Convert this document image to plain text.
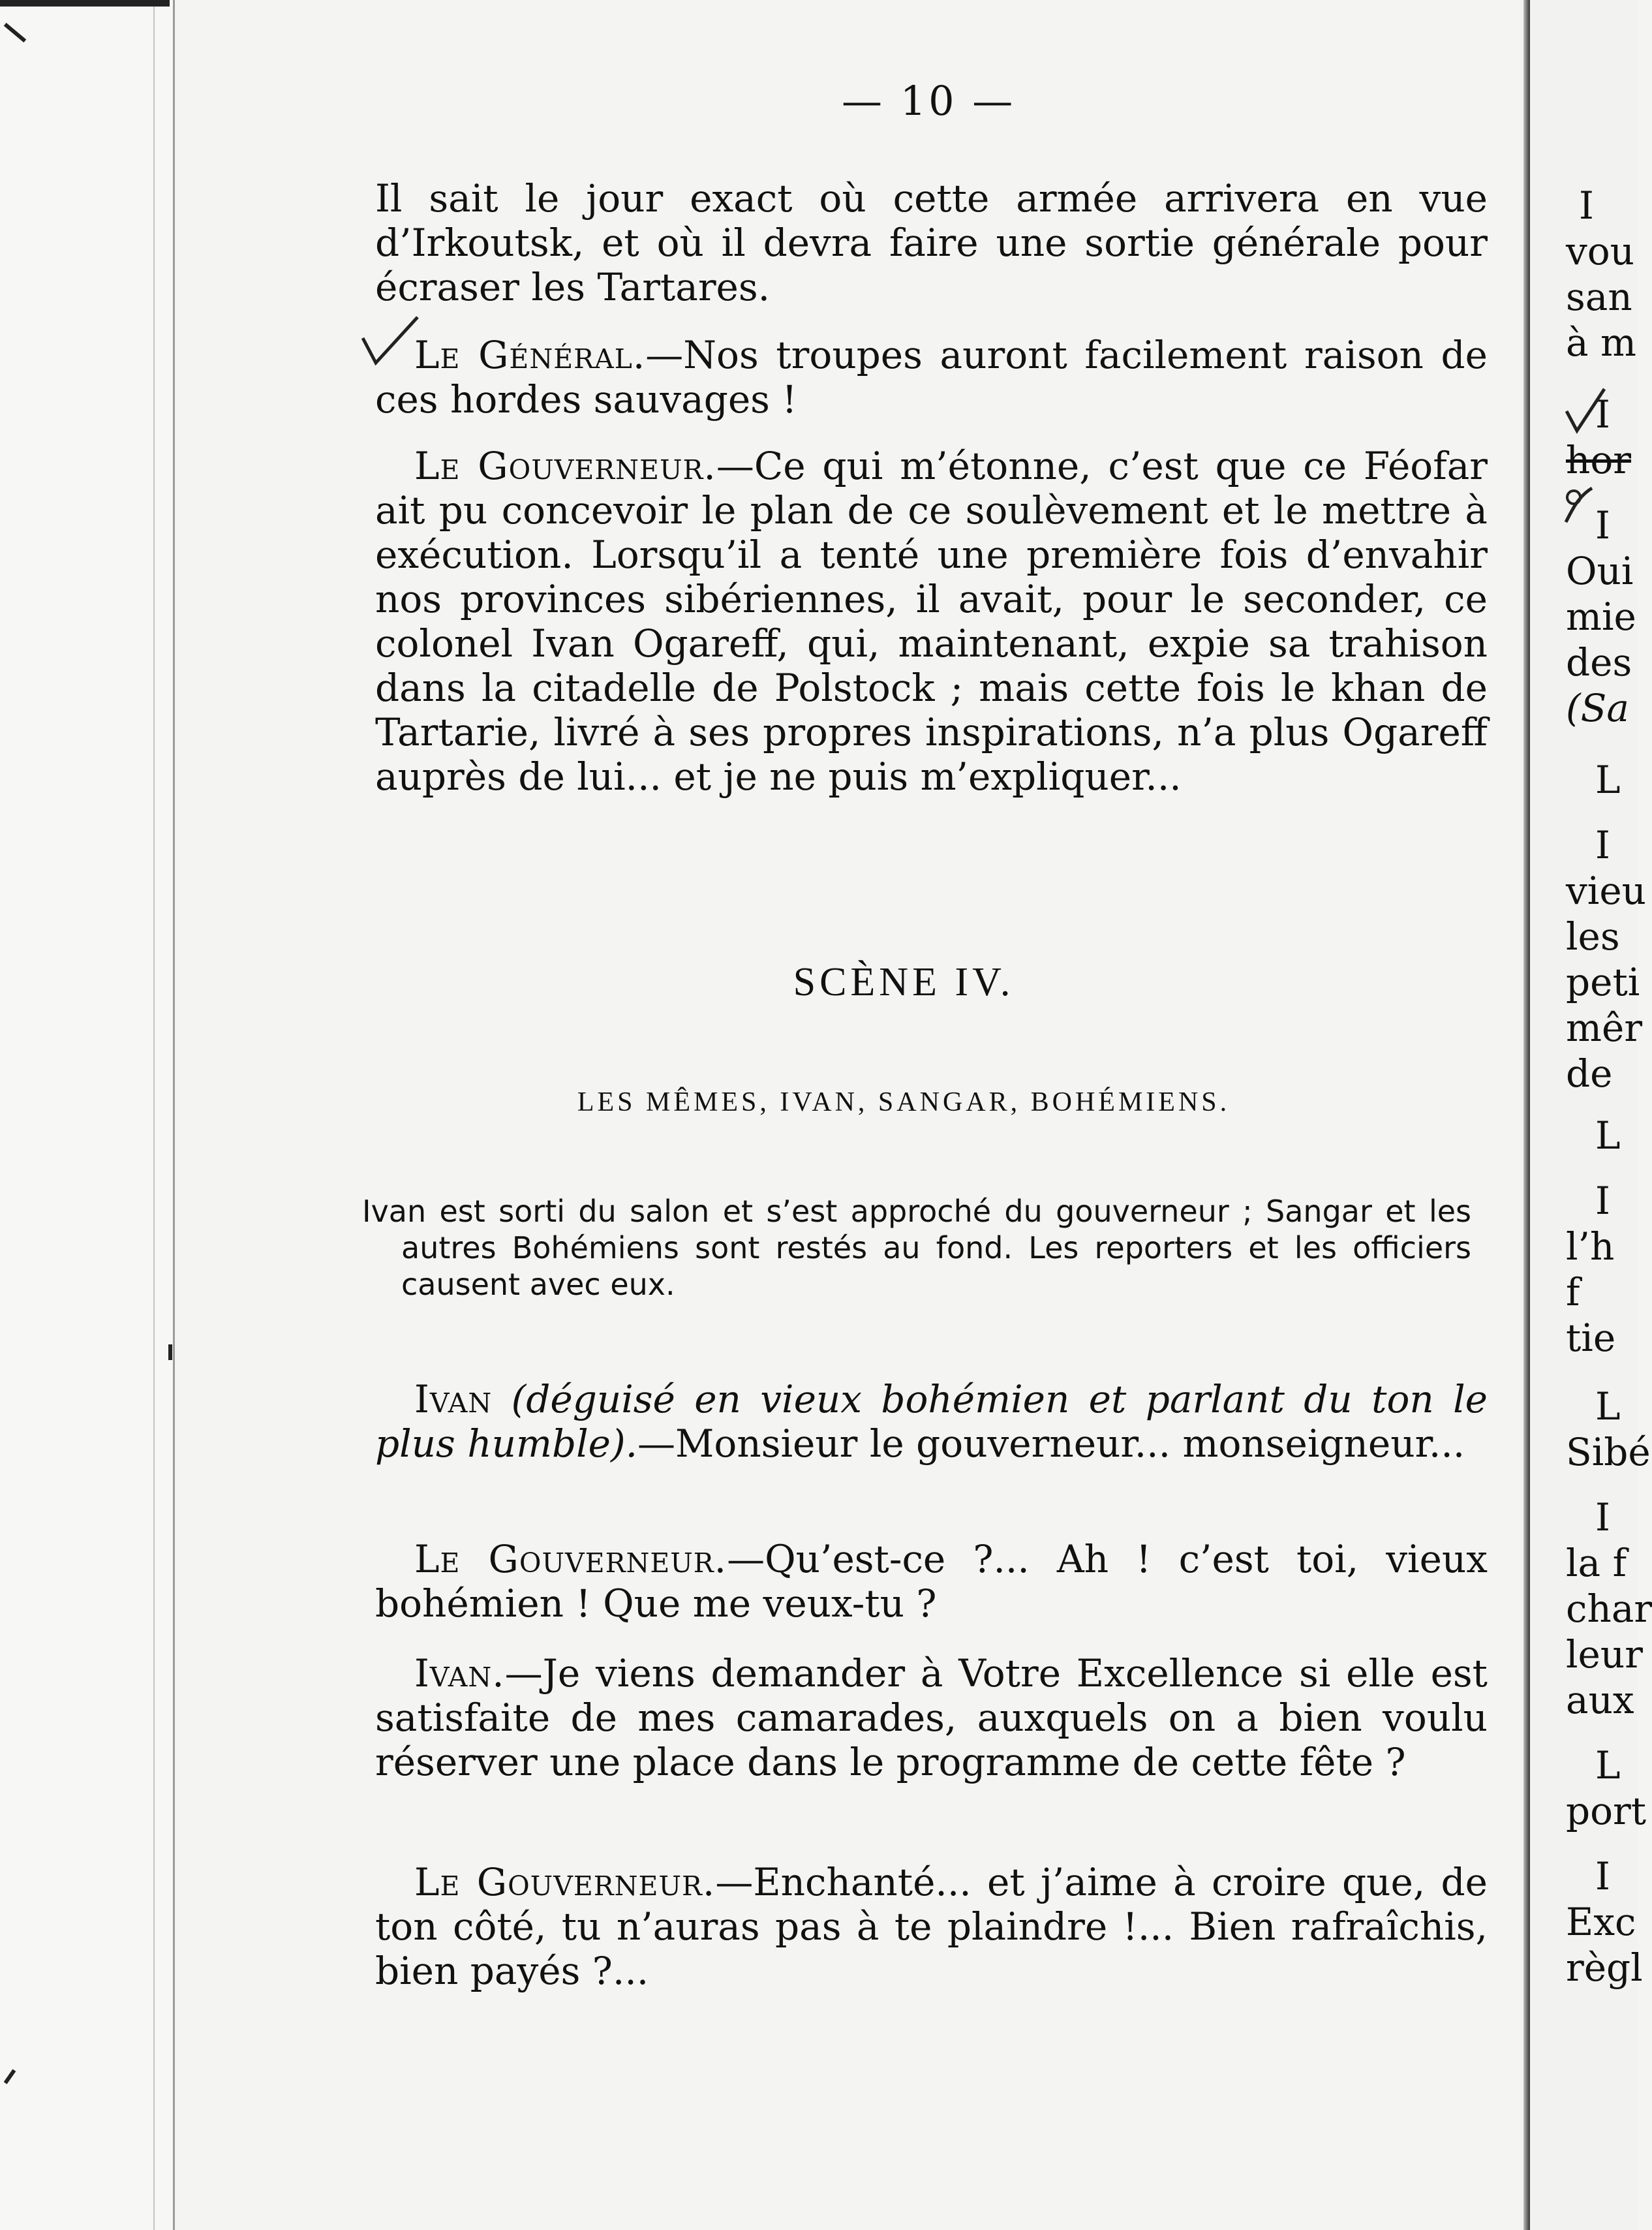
— 10 —
Il sait le jour exact où cette armée arrivera en vue d’Irkoutsk, et où il devra faire une sortie générale pour écraser les Tartares.
Le Général.—Nos troupes auront facilement raison de ces hordes sauvages !
Le Gouverneur.—Ce qui m’étonne, c’est que ce Féofar ait pu concevoir le plan de ce soulèvement et le mettre à exécution. Lorsqu’il a tenté une première fois d’envahir nos provinces sibériennes, il avait, pour le seconder, ce colonel Ivan Ogareff, qui, maintenant, expie sa trahison dans la citadelle de Polstock ; mais cette fois le khan de Tartarie, livré à ses propres inspirations, n’a plus Ogareff auprès de lui... et je ne puis m’expliquer...
SCÈNE IV.
LES MÊMES, IVAN, SANGAR, BOHÉMIENS.
Ivan est sorti du salon et s’est approché du gouverneur ; Sangar et les autres Bohémiens sont restés au fond. Les reporters et les officiers causent avec eux.
Ivan (déguisé en vieux bohémien et parlant du ton le plus humble).—Monsieur le gouverneur... monseigneur...
Le Gouverneur.—Qu’est-ce ?... Ah ! c’est toi, vieux bohémien ! Que me veux-tu ?
Ivan.—Je viens demander à Votre Excellence si elle est satisfaite de mes camarades, auxquels on a bien voulu réserver une place dans le programme de cette fête ?
Le Gouverneur.—Enchanté... et j’aime à croire que, de ton côté, tu n’auras pas à te plaindre !... Bien rafraîchis, bien payés ?...
I
vou
san
à m
I
hor
I
Oui
mie
des
(Sa
L
I
vieu
les
peti
mêr
de
L
I
l’h
f
tie
L
Sibé
I
la f
char
leur
aux
L
port
I
Exc
règl
